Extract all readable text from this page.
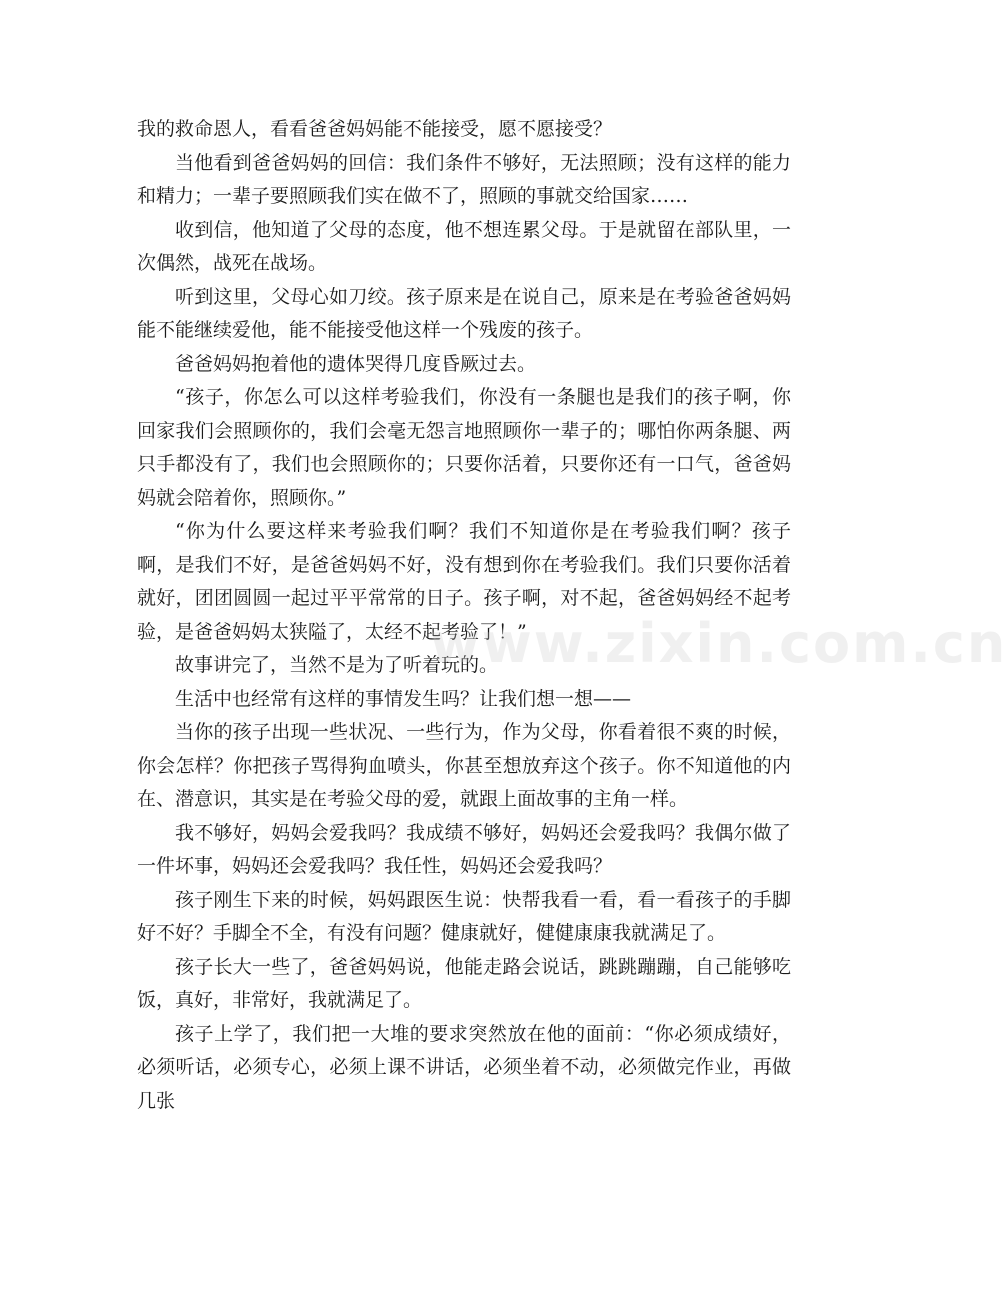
我的救命恩人，看看爸爸妈妈能不能接受，愿不愿接受？

当他看到爸爸妈妈的回信：我们条件不够好，无法照顾；没有这样的能力和精力；一辈子要照顾我们实在做不了，照顾的事就交给国家……

收到信，他知道了父母的态度，他不想连累父母。于是就留在部队里，一次偶然，战死在战场。

听到这里，父母心如刀绞。孩子原来是在说自己，原来是在考验爸爸妈妈能不能继续爱他，能不能接受他这样一个残废的孩子。

爸爸妈妈抱着他的遗体哭得几度昏厥过去。

“孩子，你怎么可以这样考验我们，你没有一条腿也是我们的孩子啊，你回家我们会照顾你的，我们会毫无怨言地照顾你一辈子的；哪怕你两条腿、两只手都没有了，我们也会照顾你的；只要你活着，只要你还有一口气，爸爸妈妈就会陪着你，照顾你。”

“你为什么要这样来考验我们啊？我们不知道你是在考验我们啊？孩子啊，是我们不好，是爸爸妈妈不好，没有想到你在考验我们。我们只要你活着就好，团团圆圆一起过平平常常的日子。孩子啊，对不起，爸爸妈妈经不起考验，是爸爸妈妈太狭隘了，太经不起考验了！”

故事讲完了，当然不是为了听着玩的。

生活中也经常有这样的事情发生吗？让我们想一想——

当你的孩子出现一些状况、一些行为，作为父母，你看着很不爽的时候，你会怎样？你把孩子骂得狗血喷头，你甚至想放弃这个孩子。你不知道他的内在、潜意识，其实是在考验父母的爱，就跟上面故事的主角一样。

我不够好，妈妈会爱我吗？我成绩不够好，妈妈还会爱我吗？我偶尔做了一件坏事，妈妈还会爱我吗？我任性，妈妈还会爱我吗？

孩子刚生下来的时候，妈妈跟医生说：快帮我看一看，看一看孩子的手脚好不好？手脚全不全，有没有问题？健康就好，健健康康我就满足了。

孩子长大一些了，爸爸妈妈说，他能走路会说话，跳跳蹦蹦，自己能够吃饭，真好，非常好，我就满足了。

孩子上学了，我们把一大堆的要求突然放在他的面前：“你必须成绩好，必须听话，必须专心，必须上课不讲话，必须坐着不动，必须做完作业，再做几张

www.zixin.com.cn
